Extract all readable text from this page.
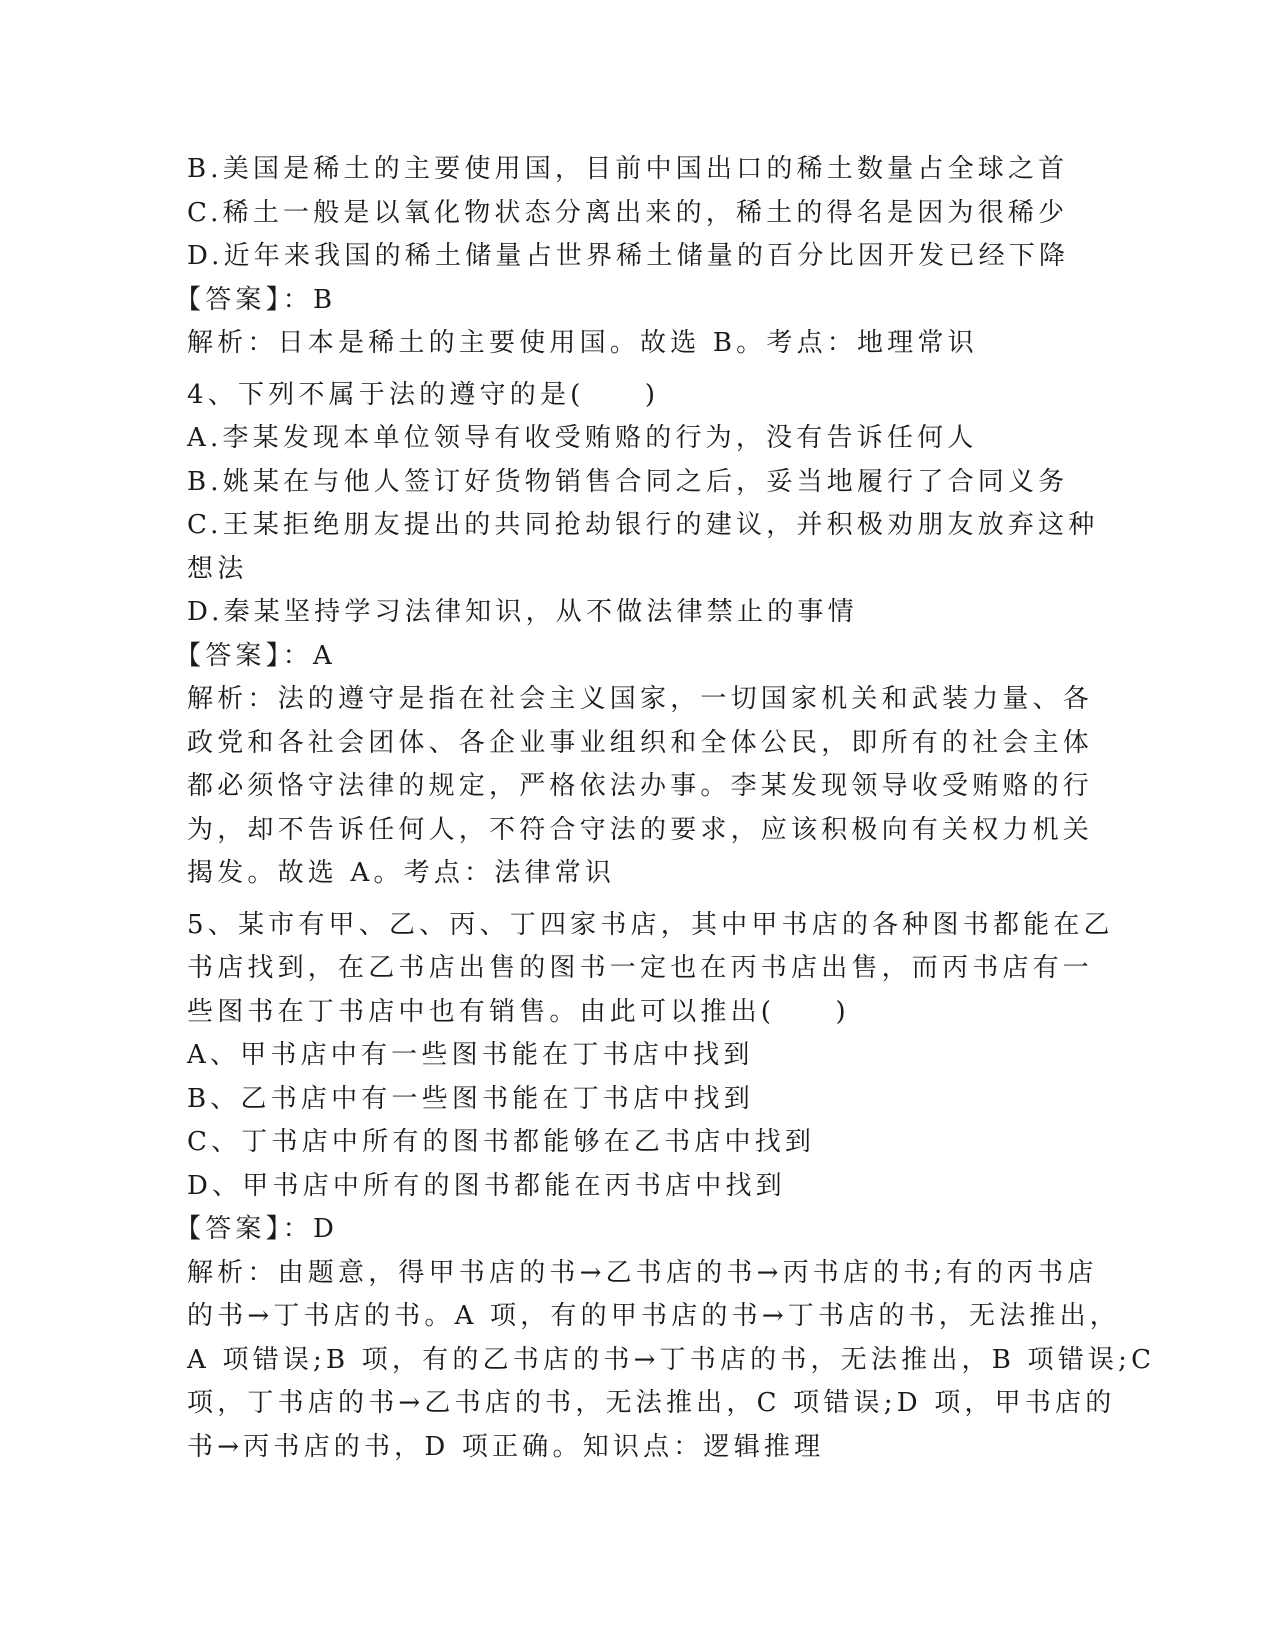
B.美国是稀土的主要使用国，目前中国出口的稀土数量占全球之首
C.稀土一般是以氧化物状态分离出来的，稀土的得名是因为很稀少
D.近年来我国的稀土储量占世界稀土储量的百分比因开发已经下降
【答案】：B
解析：日本是稀土的主要使用国。故选 B。考点：地理常识
4、下列不属于法的遵守的是(　　)
A.李某发现本单位领导有收受贿赂的行为，没有告诉任何人
B.姚某在与他人签订好货物销售合同之后，妥当地履行了合同义务
C.王某拒绝朋友提出的共同抢劫银行的建议，并积极劝朋友放弃这种
想法
D.秦某坚持学习法律知识，从不做法律禁止的事情
【答案】：A
解析：法的遵守是指在社会主义国家，一切国家机关和武装力量、各
政党和各社会团体、各企业事业组织和全体公民，即所有的社会主体
都必须恪守法律的规定，严格依法办事。李某发现领导收受贿赂的行
为，却不告诉任何人，不符合守法的要求，应该积极向有关权力机关
揭发。故选 A。考点：法律常识
5、某市有甲、乙、丙、丁四家书店，其中甲书店的各种图书都能在乙
书店找到，在乙书店出售的图书一定也在丙书店出售，而丙书店有一
些图书在丁书店中也有销售。由此可以推出(　　)
A、甲书店中有一些图书能在丁书店中找到
B、乙书店中有一些图书能在丁书店中找到
C、丁书店中所有的图书都能够在乙书店中找到
D、甲书店中所有的图书都能在丙书店中找到
【答案】：D
解析：由题意，得甲书店的书→乙书店的书→丙书店的书;有的丙书店
的书→丁书店的书。A 项，有的甲书店的书→丁书店的书，无法推出，
A 项错误;B 项，有的乙书店的书→丁书店的书，无法推出，B 项错误;C
项，丁书店的书→乙书店的书，无法推出，C 项错误;D 项，甲书店的
书→丙书店的书，D 项正确。知识点：逻辑推理
